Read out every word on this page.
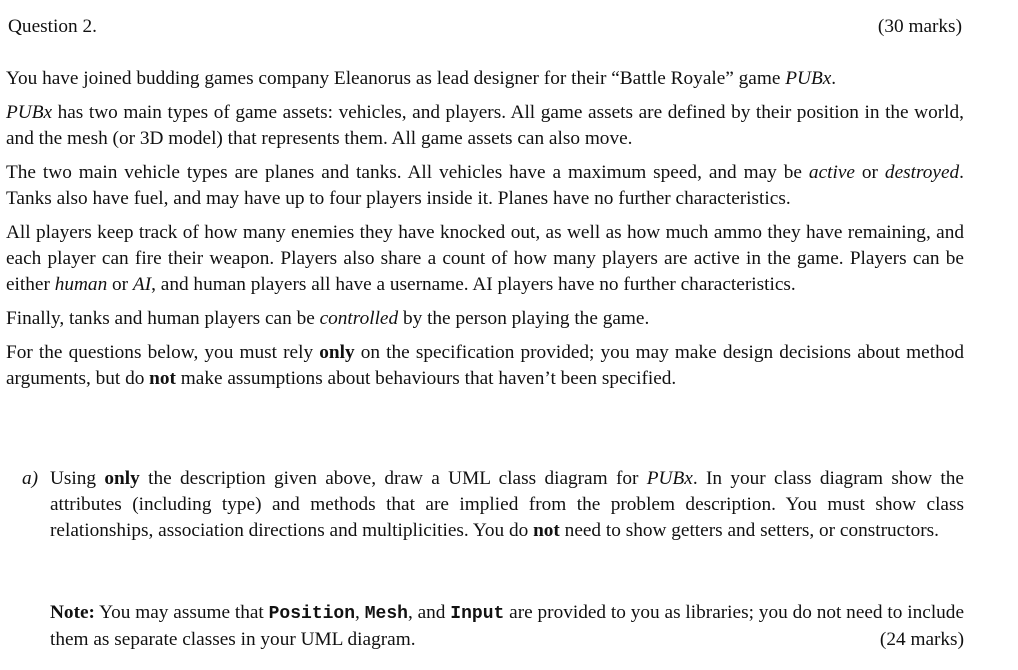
Question 2.	(30 marks)

You have joined budding games company Eleanorus as lead designer for their “Battle Royale” game PUBx.

PUBx has two main types of game assets: vehicles, and players. All game assets are defined by their position in the world, and the mesh (or 3D model) that represents them. All game assets can also move.

The two main vehicle types are planes and tanks. All vehicles have a maximum speed, and may be active or destroyed. Tanks also have fuel, and may have up to four players inside it. Planes have no further characteristics.

All players keep track of how many enemies they have knocked out, as well as how much ammo they have remaining, and each player can fire their weapon. Players also share a count of how many players are active in the game. Players can be either human or AI, and human players all have a username. AI players have no further characteristics.

Finally, tanks and human players can be controlled by the person playing the game.

For the questions below, you must rely only on the specification provided; you may make design decisions about method arguments, but do not make assumptions about behaviours that haven’t been specified.

a) Using only the description given above, draw a UML class diagram for PUBx. In your class diagram show the attributes (including type) and methods that are implied from the problem description. You must show class relationships, association directions and multiplicities. You do not need to show getters and setters, or constructors.

Note: You may assume that Position, Mesh, and Input are provided to you as libraries; you do not need to include them as separate classes in your UML diagram.	(24 marks)
